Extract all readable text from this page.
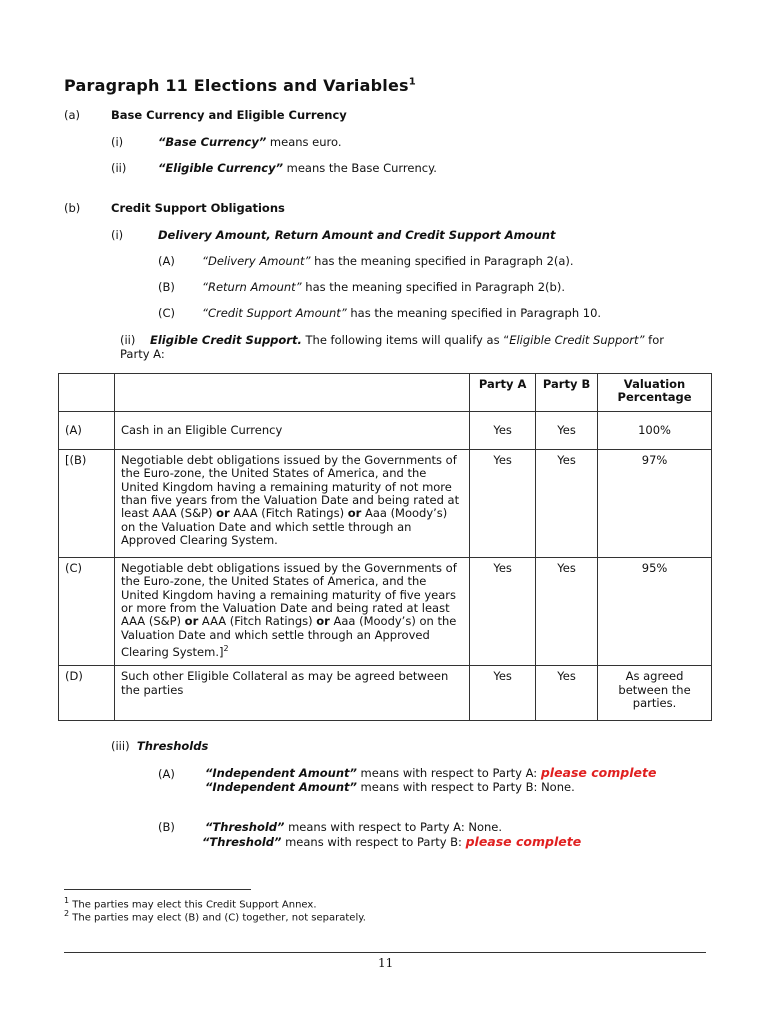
Paragraph 11 Elections and Variables$^1$
(a)	Base Currency and Eligible Currency
(i)	“Base Currency” means euro.
(ii)	“Eligible Currency” means the Base Currency.
(b)	Credit Support Obligations
(i)	Delivery Amount, Return Amount and Credit Support Amount
(A) “Delivery Amount” has the meaning specified in Paragraph 2(a).
(B) “Return Amount” has the meaning specified in Paragraph 2(b).
(C) “Credit Support Amount” has the meaning specified in Paragraph 10.
(ii) Eligible Credit Support. The following items will qualify as “Eligible Credit Support” for
Party A:
		Party A	Party B	Valuation Percentage
(A)	Cash in an Eligible Currency	Yes	Yes	100%
[(B)	Negotiable debt obligations issued by the Governments of the Euro-zone, the United States of America, and the United Kingdom having a remaining maturity of not more than five years from the Valuation Date and being rated at least AAA (S&P) or AAA (Fitch Ratings) or Aaa (Moody’s) on the Valuation Date and which settle through an Approved Clearing System.	Yes	Yes	97%
(C)	Negotiable debt obligations issued by the Governments of the Euro-zone, the United States of America, and the United Kingdom having a remaining maturity of five years or more from the Valuation Date and being rated at least AAA (S&P) or AAA (Fitch Ratings) or Aaa (Moody’s) on the Valuation Date and which settle through an Approved Clearing System.]$^2$	Yes	Yes	95%
(D)	Such other Eligible Collateral as may be agreed between the parties	Yes	Yes	As agreed between the parties.
(iii) Thresholds
(A)	“Independent Amount” means with respect to Party A: please complete
“Independent Amount” means with respect to Party B: None.
(B)	“Threshold” means with respect to Party A: None.
“Threshold” means with respect to Party B: please complete
$^1$ The parties may elect this Credit Support Annex.
$^2$ The parties may elect (B) and (C) together, not separately.
11
